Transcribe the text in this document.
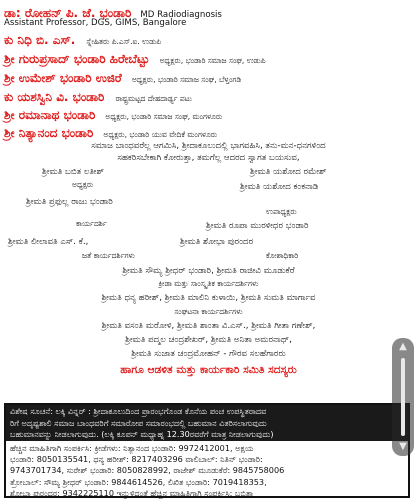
ಡಾ: ರೋಹನ್ ಪಿ. ಜೆ. ಭಂಡಾರಿ MD Radiodiagnosis
Assistant Professor, DGS, GIMS, Bangalore
ಕು ನಿಧಿ ಬಿ. ಎಸ್. ಸ್ನೇಹಿತರು ಪಿ.ಎಸ್.ಐ. ಉಡುಪಿ
ಶ್ರೀ ಗುರುಪ್ರಸಾದ್ ಭಂಡಾರಿ ಹಿರೇಬೆಟ್ಟು ಅಧ್ಯಕ್ಷರು, ಭಂಡಾರಿ ಸಮಾಜ ಸಂಘ, ಉಡುಪಿ
ಶ್ರೀ ಉಮೇಶ್ ಭಂಡಾರಿ ಉಜಿರೆ ಅಧ್ಯಕ್ಷರು, ಭಂಡಾರಿ ಸಮಾಜ ಸಂಘ, ಬೆಳ್ತಂಗಡಿ
ಕು ಯಶಸ್ವಿನಿ ವಿ. ಭಂಡಾರಿ ರಾಷ್ಟ್ರಮಟ್ಟದ ದೇಹದಾರ್ಢ್ಯ ಪಟು
ಶ್ರೀ ರಮಾನಾಥ ಭಂಡಾರಿ ಅಧ್ಯಕ್ಷರು, ಭಂಡಾರಿ ಸಮಾಜ ಸಂಘ, ಮಂಗಳೂರು
ಶ್ರೀ ನಿತ್ಯಾನಂದ ಭಂಡಾರಿ ಅಧ್ಯಕ್ಷರು, ಭಂಡಾರಿ ಯುವ ವೇದಿಕೆ ಮಂಗಳೂರು
ಸಮಾಜ ಬಾಂಧವರೆಲ್ಲ ಆಗಮಿಸಿ, ಶ್ರೀದಾಕೂಲುದಲ್ಲಿ ಭಾಗವಹಿಸಿ, ತನು-ಮನ-ಧನಗಳಿಂದ
ಸಹಕರಿಸಬೇಕಾಗಿ ಕೋರುತ್ತಾ, ತಮಗೆಲ್ಲ ಆದರದ ಸ್ವಾಗತ ಬಯಸುವ,
ಶ್ರೀಮತಿ ಬಬಿತ ಲತೀಶ್	ಶ್ರೀಮತಿ ಯಶೋದ ರಮೇಶ್
ಅಧ್ಯಕ್ಷರು	ಶ್ರೀಮತಿ ಯಶೋದ ಕಂಕನಾಡಿ
ಶ್ರೀಮತಿ ಪ್ರಫುಲ್ಲ ರಾಜು ಭಂಡಾರಿ
ಉಪಾಧ್ಯಕ್ಷರು
ಕಾರ್ಯದರ್ಶಿ	ಶ್ರೀಮತಿ ರೂಪಾ ಮುರಳೀಧರ ಭಂಡಾರಿ
ಶ್ರೀಮತಿ ಲೀಲಾವತಿ ಎಸ್. ಕೆ.,	ಶ್ರೀಮತಿ ಶೋಭಾ ಪುರಂದರ
ಜತೆ ಕಾರ್ಯದರ್ಶಿಗಳು	ಕೋಶಾಧಿಕಾರಿ
ಶ್ರೀಮತಿ ಸೌಮ್ಯ ಶ್ರೀಧರ್ ಭಂಡಾರಿ, ಶ್ರೀಮತಿ ರಾಜೀವಿ ಮೂಡುಕೆರೆ
ಕ್ರೀಡಾ ಮತ್ತು ಸಾಂಸ್ಕೃತಿಕ ಕಾರ್ಯದರ್ಶಿಗಳು
ಶ್ರೀಮತಿ ಧನ್ಯ ಹರೀಶ್, ಶ್ರೀಮತಿ ಮಾಲಿನಿ ಕುಳಾಯಿ, ಶ್ರೀಮತಿ ಸುಮತಿ ಮಾರ್ಗಾವ
ಸಂಘಟನಾ ಕಾರ್ಯದರ್ಶಿಗಳು
ಶ್ರೀಮತಿ ವಸಂತಿ ಮರೋಳಿ, ಶ್ರೀಮತಿ ಶಾಂತಾ ವಿ.ಎಸ್., ಶ್ರೀಮತಿ ಗೀತಾ ಗಣೇಶ್,
ಶ್ರೀಮತಿ ಪದ್ಮಲ ಚಂದ್ರಶೇಖರ್, ಶ್ರೀಮತಿ ಅನಿತಾ ಅಮರನಾಥ್,
ಶ್ರೀಮತಿ ಸುಜಾತ ಚಂದ್ರಮೋಹನ್ - ಗೌರವ ಸಲಹೆಗಾರರು
ಹಾಗೂ ಆಡಳಿತ ಮತ್ತು ಕಾರ್ಯಕಾರಿ ಸಮಿತಿ ಸದಸ್ಯರು
ವಿಶೇಷ ಸೂಚನೆ: ಲಕ್ಕಿ ವಿನ್ನರ್ : ಶ್ರೀದಾಕೂಲುದಿಂದ ಪ್ರಾರಂಭಗೊಂಡ ಕೊನೆಯ ಪಂಚ ಉಪಸ್ಥಿತರಾದವ
ರಿಗೆ ಅದೃಷ್ಟಶಾಲಿ ಸಮಾಜ ಬಾಂಧವರಿಗೆ ಸಮಾರೋಪ ಸಮಾರಂಭದಲ್ಲಿ ಬಹುಮಾನ ವಿತರಿಸಲಾಗುವುದು
ಬಹುಮಾನವನ್ನು ನೀಡಲಾಗುವುದು. (ಲಕ್ಕಿ ಕೂಪನ್ ಮಧ್ಯಾಹ್ನ 12.30ರವರೆಗೆ ಮಾತ್ರ ನೀಡಲಾಗುವುದು)
ಹೆಚ್ಚಿನ ಮಾಹಿತಿಗಾಗಿ ಸಂಪರ್ಕಿಸಿ: ಕ್ರೀಡೆಗಳು: ನಿತ್ಯಾನಂದ ಭಂಡಾರಿ: 9972412001, ಅಕ್ಷಯ
ಭಂಡಾರಿ: 8050135541, ಧನ್ಯ ಹರೀಶ್: 8217403296 ವಾಲಿಬಾಲ್: ನಿತಿನ್ ಭಂಡಾರಿ:
9743701734, ಸುರೇಶ್ ಭಂಡಾರಿ: 8050828992, ರಾಜೇಶ್ ಮೂಡುಕೆರೆ: 9845758006
ತ್ರೋಬಾಲ್: ಸೌಮ್ಯ ಶ್ರೀಧರ್ ಭಂಡಾರಿ: 9844614526, ಲಿಖಿತ ಭಂಡಾರಿ: 7019418353,
ಶೋಭಾ ಪುರಂದರ: 9342225110 ಇನ್ನುಳಿದಂತೆ ಹೆಚ್ಚಿನ ಮಾಹಿತಿಗಾಗಿ ಸಂಪರ್ಕಿಸಿ: ಬಬಿತಾ
▲
▼
